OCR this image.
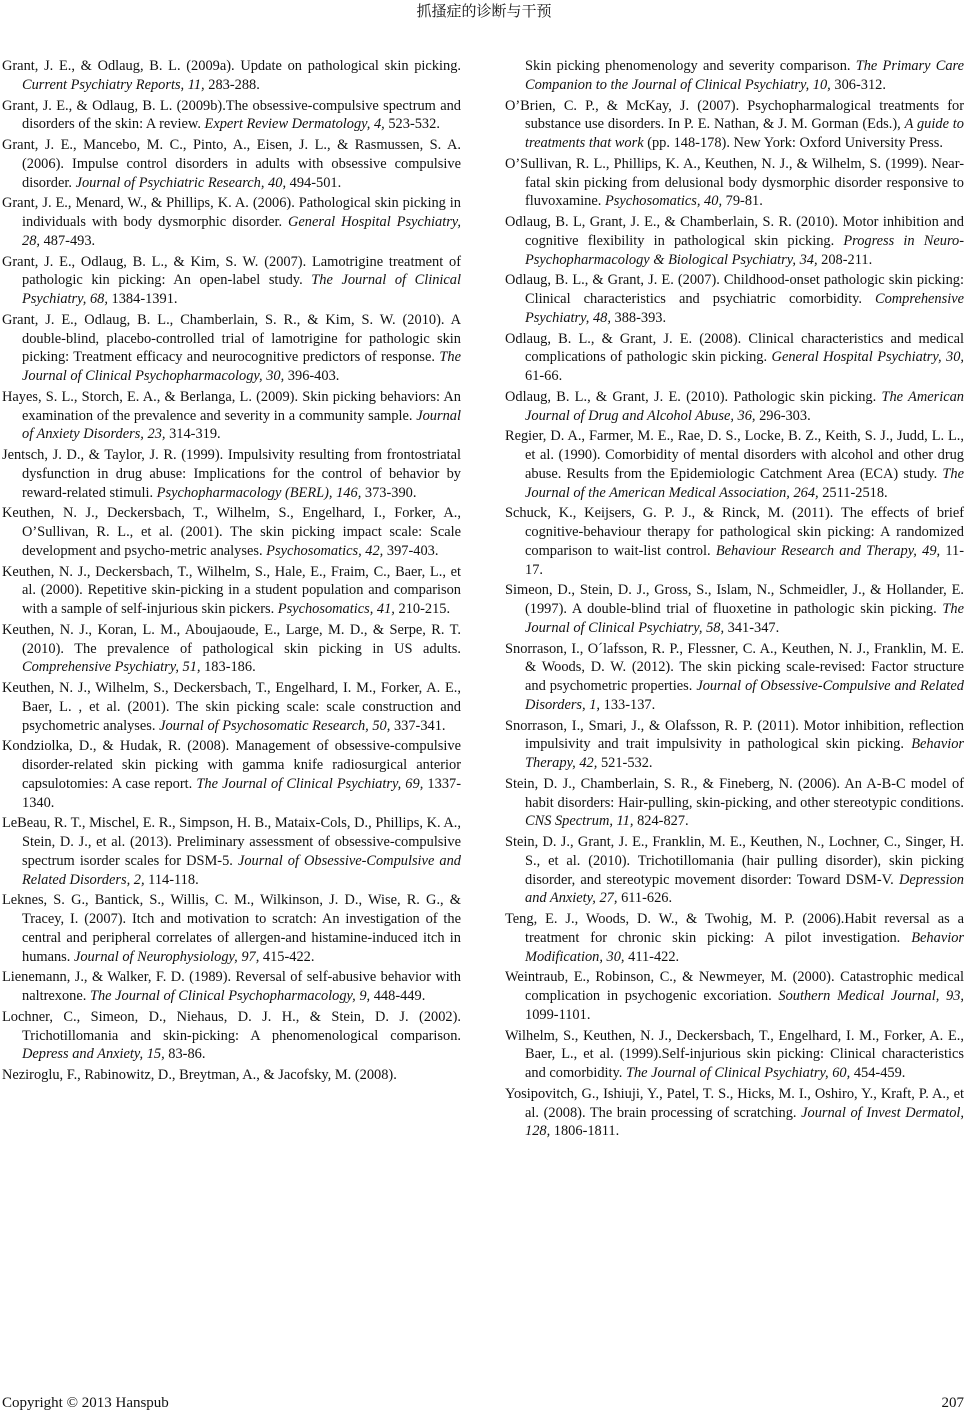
抓搔症的诊断与干预

Grant, J. E., & Odlaug, B. L. (2009a). Update on pathological skin picking. Current Psychiatry Reports, 11, 283-288.

Grant, J. E., & Odlaug, B. L. (2009b).The obsessive-compulsive spectrum and disorders of the skin: A review. Expert Review Dermatology, 4, 523-532.

Grant, J. E., Mancebo, M. C., Pinto, A., Eisen, J. L., & Rasmussen, S. A. (2006). Impulse control disorders in adults with obsessive compulsive disorder. Journal of Psychiatric Research, 40, 494-501.

Grant, J. E., Menard, W., & Phillips, K. A. (2006). Pathological skin picking in individuals with body dysmorphic disorder. General Hospital Psychiatry, 28, 487-493.

Grant, J. E., Odlaug, B. L., & Kim, S. W. (2007). Lamotrigine treatment of pathologic kin picking: An open-label study. The Journal of Clinical Psychiatry, 68, 1384-1391.

Grant, J. E., Odlaug, B. L., Chamberlain, S. R., & Kim, S. W. (2010). A double-blind, placebo-controlled trial of lamotrigine for pathologic skin picking: Treatment efficacy and neurocognitive predictors of response. The Journal of Clinical Psychopharmacology, 30, 396-403.

Hayes, S. L., Storch, E. A., & Berlanga, L. (2009). Skin picking behaviors: An examination of the prevalence and severity in a community sample. Journal of Anxiety Disorders, 23, 314-319.

Jentsch, J. D., & Taylor, J. R. (1999). Impulsivity resulting from frontostriatal dysfunction in drug abuse: Implications for the control of behavior by reward-related stimuli. Psychopharmacology (BERL), 146, 373-390.

Keuthen, N. J., Deckersbach, T., Wilhelm, S., Engelhard, I., Forker, A., O’Sullivan, R. L., et al. (2001). The skin picking impact scale: Scale development and psycho-metric analyses. Psychosomatics, 42, 397-403.

Keuthen, N. J., Deckersbach, T., Wilhelm, S., Hale, E., Fraim, C., Baer, L., et al. (2000). Repetitive skin-picking in a student population and comparison with a sample of self-injurious skin pickers. Psychosomatics, 41, 210-215.

Keuthen, N. J., Koran, L. M., Aboujaoude, E., Large, M. D., & Serpe, R. T. (2010). The prevalence of pathological skin picking in US adults. Comprehensive Psychiatry, 51, 183-186.

Keuthen, N. J., Wilhelm, S., Deckersbach, T., Engelhard, I. M., Forker, A. E., Baer, L. , et al. (2001). The skin picking scale: scale construction and psychometric analyses. Journal of Psychosomatic Research, 50, 337-341.

Kondziolka, D., & Hudak, R. (2008). Management of obsessive-compulsive disorder-related skin picking with gamma knife radiosurgical anterior capsulotomies: A case report. The Journal of Clinical Psychiatry, 69, 1337-1340.

LeBeau, R. T., Mischel, E. R., Simpson, H. B., Mataix-Cols, D., Phillips, K. A., Stein, D. J., et al. (2013). Preliminary assessment of obsessive-compulsive spectrum isorder scales for DSM-5. Journal of Obsessive-Compulsive and Related Disorders, 2, 114-118.

Leknes, S. G., Bantick, S., Willis, C. M., Wilkinson, J. D., Wise, R. G., & Tracey, I. (2007). Itch and motivation to scratch: An investigation of the central and peripheral correlates of allergen-and histamine-induced itch in humans. Journal of Neurophysiology, 97, 415-422.

Lienemann, J., & Walker, F. D. (1989). Reversal of self-abusive behavior with naltrexone. The Journal of Clinical Psychopharmacology, 9, 448-449.

Lochner, C., Simeon, D., Niehaus, D. J. H., & Stein, D. J. (2002). Trichotillomania and skin-picking: A phenomenological comparison. Depress and Anxiety, 15, 83-86.

Neziroglu, F., Rabinowitz, D., Breytman, A., & Jacofsky, M. (2008).

Skin picking phenomenology and severity comparison. The Primary Care Companion to the Journal of Clinical Psychiatry, 10, 306-312.

O’Brien, C. P., & McKay, J. (2007). Psychopharmalogical treatments for substance use disorders. In P. E. Nathan, & J. M. Gorman (Eds.), A guide to treatments that work (pp. 148-178). New York: Oxford University Press.

O’Sullivan, R. L., Phillips, K. A., Keuthen, N. J., & Wilhelm, S. (1999). Near-fatal skin picking from delusional body dysmorphic disorder responsive to fluvoxamine. Psychosomatics, 40, 79-81.

Odlaug, B. L, Grant, J. E., & Chamberlain, S. R. (2010). Motor inhibition and cognitive flexibility in pathological skin picking. Progress in Neuro-Psychopharmacology & Biological Psychiatry, 34, 208-211.

Odlaug, B. L., & Grant, J. E. (2007). Childhood-onset pathologic skin picking: Clinical characteristics and psychiatric comorbidity. Comprehensive Psychiatry, 48, 388-393.

Odlaug, B. L., & Grant, J. E. (2008). Clinical characteristics and medical complications of pathologic skin picking. General Hospital Psychiatry, 30, 61-66.

Odlaug, B. L., & Grant, J. E. (2010). Pathologic skin picking. The American Journal of Drug and Alcohol Abuse, 36, 296-303.

Regier, D. A., Farmer, M. E., Rae, D. S., Locke, B. Z., Keith, S. J., Judd, L. L., et al. (1990). Comorbidity of mental disorders with alcohol and other drug abuse. Results from the Epidemiologic Catchment Area (ECA) study. The Journal of the American Medical Association, 264, 2511-2518.

Schuck, K., Keijsers, G. P. J., & Rinck, M. (2011). The effects of brief cognitive-behaviour therapy for pathological skin picking: A randomized comparison to wait-list control. Behaviour Research and Therapy, 49, 11-17.

Simeon, D., Stein, D. J., Gross, S., Islam, N., Schmeidler, J., & Hollander, E. (1997). A double-blind trial of fluoxetine in pathologic skin picking. The Journal of Clinical Psychiatry, 58, 341-347.

Snorrason, I., O´lafsson, R. P., Flessner, C. A., Keuthen, N. J., Franklin, M. E. & Woods, D. W. (2012). The skin picking scale-revised: Factor structure and psychometric properties. Journal of Obsessive-Compulsive and Related Disorders, 1, 133-137.

Snorrason, I., Smari, J., & Olafsson, R. P. (2011). Motor inhibition, reflection impulsivity and trait impulsivity in pathological skin picking. Behavior Therapy, 42, 521-532.

Stein, D. J., Chamberlain, S. R., & Fineberg, N. (2006). An A-B-C model of habit disorders: Hair-pulling, skin-picking, and other stereotypic conditions. CNS Spectrum, 11, 824-827.

Stein, D. J., Grant, J. E., Franklin, M. E., Keuthen, N., Lochner, C., Singer, H. S., et al. (2010). Trichotillomania (hair pulling disorder), skin picking disorder, and stereotypic movement disorder: Toward DSM-V. Depression and Anxiety, 27, 611-626.

Teng, E. J., Woods, D. W., & Twohig, M. P. (2006).Habit reversal as a treatment for chronic skin picking: A pilot investigation. Behavior Modification, 30, 411-422.

Weintraub, E., Robinson, C., & Newmeyer, M. (2000). Catastrophic medical complication in psychogenic excoriation. Southern Medical Journal, 93, 1099-1101.

Wilhelm, S., Keuthen, N. J., Deckersbach, T., Engelhard, I. M., Forker, A. E., Baer, L., et al. (1999).Self-injurious skin picking: Clinical characteristics and comorbidity. The Journal of Clinical Psychiatry, 60, 454-459.

Yosipovitch, G., Ishiuji, Y., Patel, T. S., Hicks, M. I., Oshiro, Y., Kraft, P. A., et al. (2008). The brain processing of scratching. Journal of Invest Dermatol, 128, 1806-1811.

Copyright © 2013 Hanspub	207
